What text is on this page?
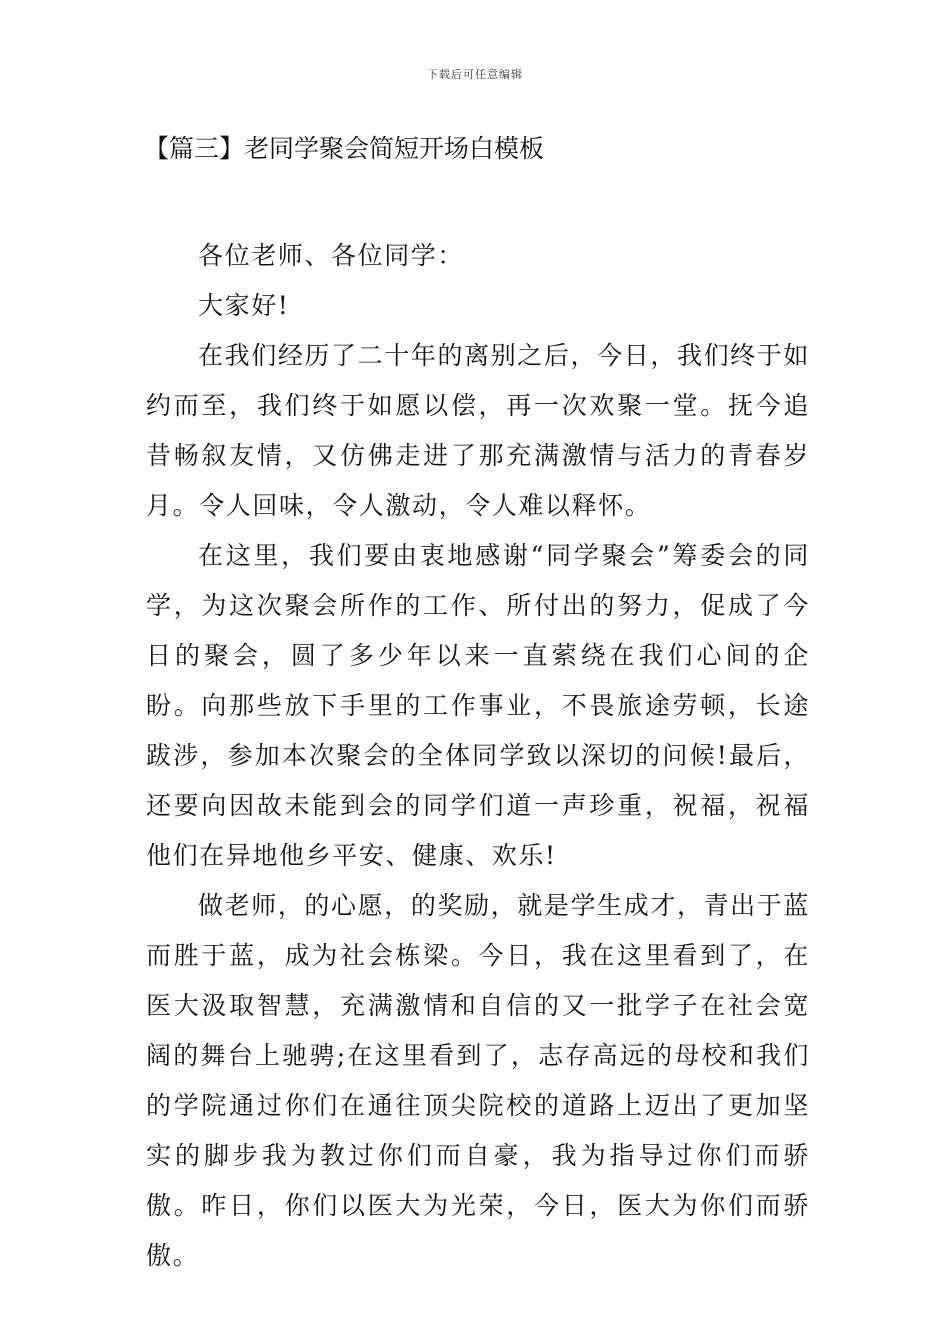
下载后可任意编辑
【篇三】老同学聚会简短开场白模板

各位老师、各位同学：

大家好!

在我们经历了二十年的离别之后，今日，我们终于如约而至，我们终于如愿以偿，再一次欢聚一堂。抚今追昔畅叙友情，又仿佛走进了那充满激情与活力的青春岁月。令人回味，令人激动，令人难以释怀。

在这里，我们要由衷地感谢“同学聚会”筹委会的同学，为这次聚会所作的工作、所付出的努力，促成了今日的聚会，圆了多少年以来一直萦绕在我们心间的企盼。向那些放下手里的工作事业，不畏旅途劳顿，长途跋涉，参加本次聚会的全体同学致以深切的问候!最后，还要向因故未能到会的同学们道一声珍重，祝福，祝福他们在异地他乡平安、健康、欢乐!

做老师，的心愿，的奖励，就是学生成才，青出于蓝而胜于蓝，成为社会栋梁。今日，我在这里看到了，在医大汲取智慧，充满激情和自信的又一批学子在社会宽阔的舞台上驰骋;在这里看到了，志存高远的母校和我们的学院通过你们在通往顶尖院校的道路上迈出了更加坚实的脚步我为教过你们而自豪，我为指导过你们而骄傲。昨日，你们以医大为光荣，今日，医大为你们而骄傲。
